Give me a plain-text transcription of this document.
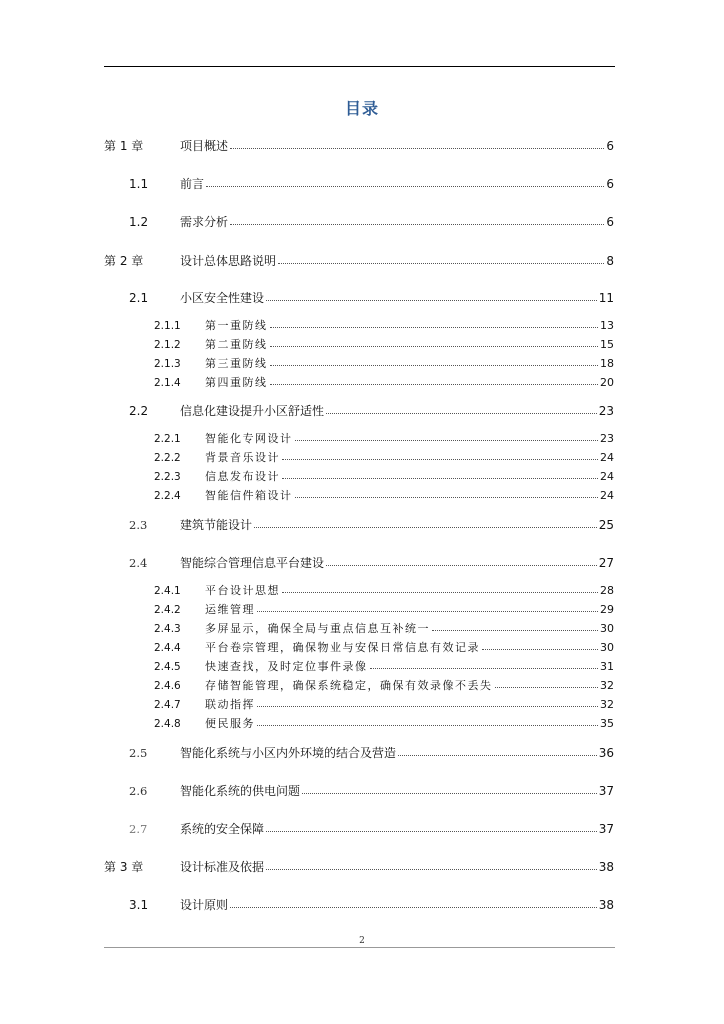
目录
第 1 章	项目概述	6
1.1	前言	6
1.2	需求分析	6
第 2 章	设计总体思路说明	8
2.1	小区安全性建设	11
2.1.1 第一重防线	13
2.1.2 第二重防线	15
2.1.3 第三重防线	18
2.1.4 第四重防线	20
2.2	信息化建设提升小区舒适性	23
2.2.1 智能化专网设计	23
2.2.2 背景音乐设计	24
2.2.3 信息发布设计	24
2.2.4 智能信件箱设计	24
2.3	建筑节能设计	25
2.4	智能综合管理信息平台建设	27
2.4.1 平台设计思想	28
2.4.2 运维管理	29
2.4.3 多屏显示，确保全局与重点信息互补统一	30
2.4.4 平台卷宗管理，确保物业与安保日常信息有效记录	30
2.4.5 快速查找，及时定位事件录像	31
2.4.6 存储智能管理，确保系统稳定，确保有效录像不丢失	32
2.4.7 联动指挥	32
2.4.8 便民服务	35
2.5	智能化系统与小区内外环境的结合及营造	36
2.6	智能化系统的供电问题	37
2.7	系统的安全保障	37
第 3 章	设计标准及依据	38
3.1	设计原则	38
2
